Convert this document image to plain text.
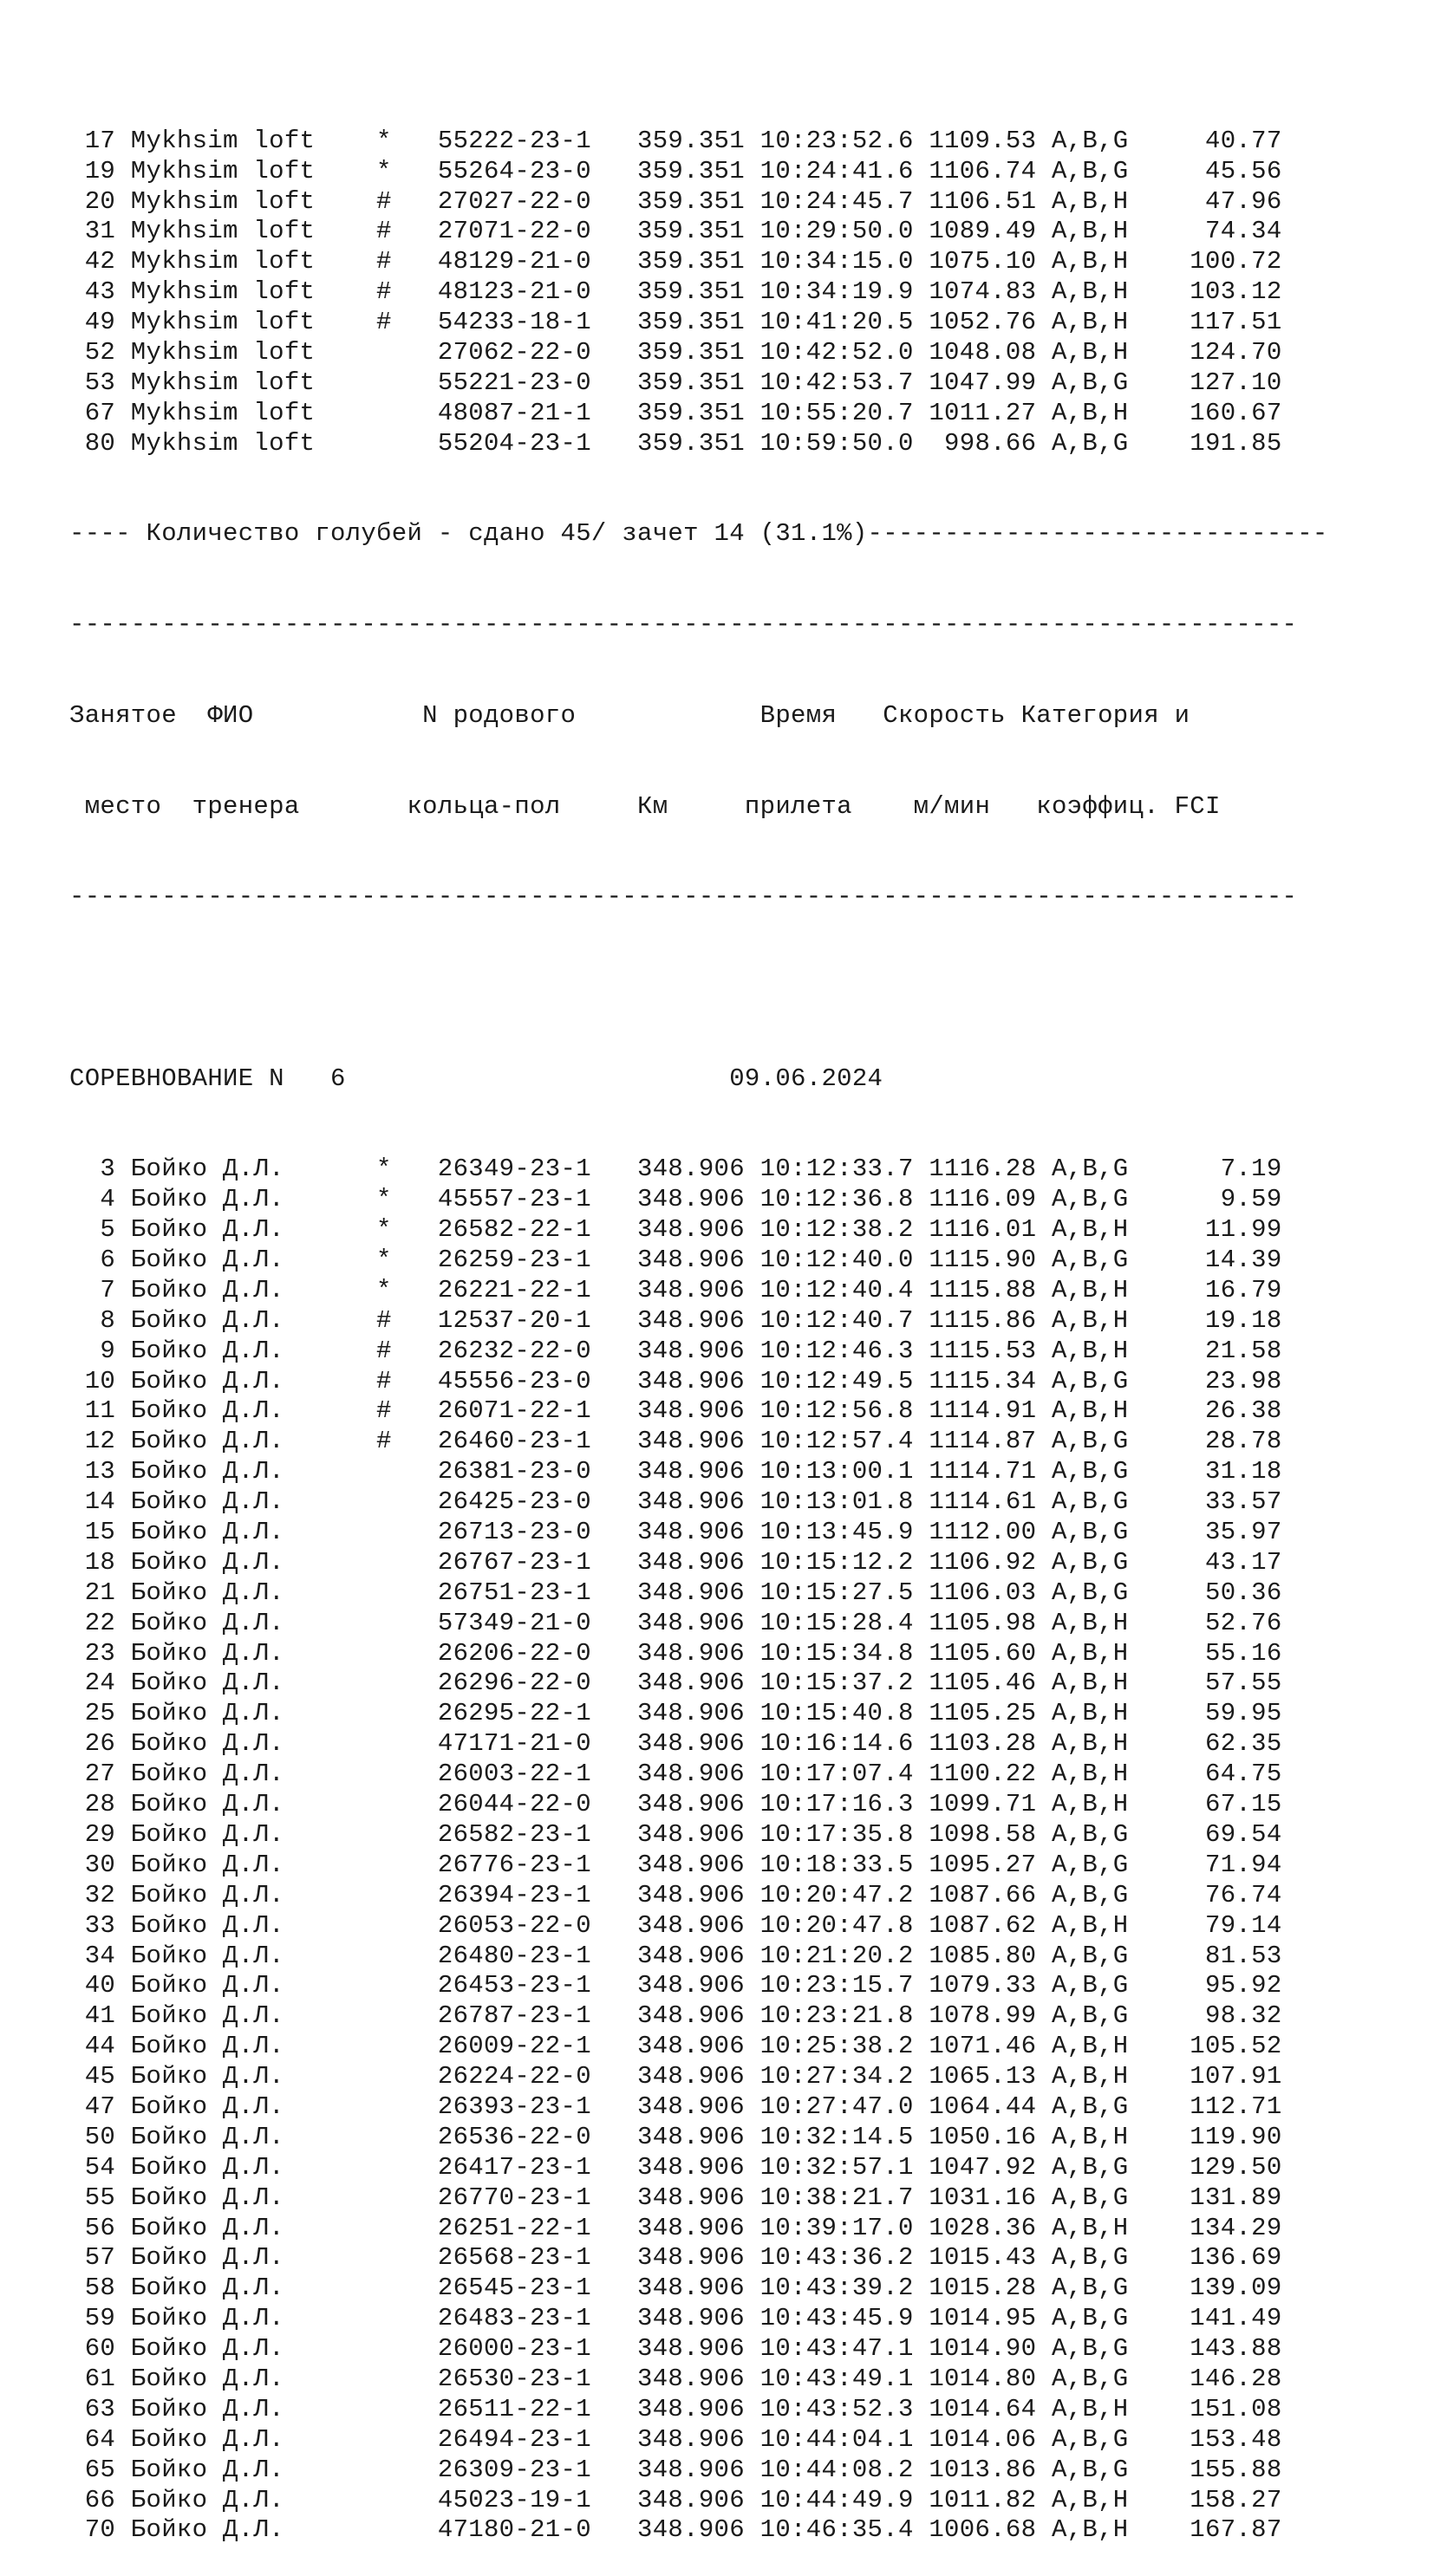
17 Mykhsim loft    *   55222-23-1   359.351 10:23:52.6 1109.53 A,B,G     40.77
19 Mykhsim loft    *   55264-23-0   359.351 10:24:41.6 1106.74 A,B,G     45.56
20 Mykhsim loft    #   27027-22-0   359.351 10:24:45.7 1106.51 A,B,H     47.96
31 Mykhsim loft    #   27071-22-0   359.351 10:29:50.0 1089.49 A,B,H     74.34
42 Mykhsim loft    #   48129-21-0   359.351 10:34:15.0 1075.10 A,B,H    100.72
43 Mykhsim loft    #   48123-21-0   359.351 10:34:19.9 1074.83 A,B,H    103.12
49 Mykhsim loft    #   54233-18-1   359.351 10:41:20.5 1052.76 A,B,H    117.51
52 Mykhsim loft        27062-22-0   359.351 10:42:52.0 1048.08 A,B,H    124.70
53 Mykhsim loft        55221-23-0   359.351 10:42:53.7 1047.99 A,B,G    127.10
67 Mykhsim loft        48087-21-1   359.351 10:55:20.7 1011.27 A,B,H    160.67
80 Mykhsim loft        55204-23-1   359.351 10:59:50.0  998.66 A,B,G    191.85

---- Количество голубей - сдано 45/ зачет 14 (31.1%)------------------------------

--------------------------------------------------------------------------------

Занятое  ФИО           N родового            Время   Скорость Категория и

место  тренера       кольца-пол     Км     прилета    м/мин   коэффиц. FCI

--------------------------------------------------------------------------------

СОРЕВНОВАНИЕ N   6                         09.06.2024

3 Бойко Д.Л.      *   26349-23-1   348.906 10:12:33.7 1116.28 A,B,G      7.19
4 Бойко Д.Л.      *   45557-23-1   348.906 10:12:36.8 1116.09 A,B,G      9.59
5 Бойко Д.Л.      *   26582-22-1   348.906 10:12:38.2 1116.01 A,B,H     11.99
6 Бойко Д.Л.      *   26259-23-1   348.906 10:12:40.0 1115.90 A,B,G     14.39
7 Бойко Д.Л.      *   26221-22-1   348.906 10:12:40.4 1115.88 A,B,H     16.79
8 Бойко Д.Л.      #   12537-20-1   348.906 10:12:40.7 1115.86 A,B,H     19.18
9 Бойко Д.Л.      #   26232-22-0   348.906 10:12:46.3 1115.53 A,B,H     21.58
10 Бойко Д.Л.      #   45556-23-0   348.906 10:12:49.5 1115.34 A,B,G     23.98
11 Бойко Д.Л.      #   26071-22-1   348.906 10:12:56.8 1114.91 A,B,H     26.38
12 Бойко Д.Л.      #   26460-23-1   348.906 10:12:57.4 1114.87 A,B,G     28.78
13 Бойко Д.Л.          26381-23-0   348.906 10:13:00.1 1114.71 A,B,G     31.18
14 Бойко Д.Л.          26425-23-0   348.906 10:13:01.8 1114.61 A,B,G     33.57
15 Бойко Д.Л.          26713-23-0   348.906 10:13:45.9 1112.00 A,B,G     35.97
18 Бойко Д.Л.          26767-23-1   348.906 10:15:12.2 1106.92 A,B,G     43.17
21 Бойко Д.Л.          26751-23-1   348.906 10:15:27.5 1106.03 A,B,G     50.36
22 Бойко Д.Л.          57349-21-0   348.906 10:15:28.4 1105.98 A,B,H     52.76
23 Бойко Д.Л.          26206-22-0   348.906 10:15:34.8 1105.60 A,B,H     55.16
24 Бойко Д.Л.          26296-22-0   348.906 10:15:37.2 1105.46 A,B,H     57.55
25 Бойко Д.Л.          26295-22-1   348.906 10:15:40.8 1105.25 A,B,H     59.95
26 Бойко Д.Л.          47171-21-0   348.906 10:16:14.6 1103.28 A,B,H     62.35
27 Бойко Д.Л.          26003-22-1   348.906 10:17:07.4 1100.22 A,B,H     64.75
28 Бойко Д.Л.          26044-22-0   348.906 10:17:16.3 1099.71 A,B,H     67.15
29 Бойко Д.Л.          26582-23-1   348.906 10:17:35.8 1098.58 A,B,G     69.54
30 Бойко Д.Л.          26776-23-1   348.906 10:18:33.5 1095.27 A,B,G     71.94
32 Бойко Д.Л.          26394-23-1   348.906 10:20:47.2 1087.66 A,B,G     76.74
33 Бойко Д.Л.          26053-22-0   348.906 10:20:47.8 1087.62 A,B,H     79.14
34 Бойко Д.Л.          26480-23-1   348.906 10:21:20.2 1085.80 A,B,G     81.53
40 Бойко Д.Л.          26453-23-1   348.906 10:23:15.7 1079.33 A,B,G     95.92
41 Бойко Д.Л.          26787-23-1   348.906 10:23:21.8 1078.99 A,B,G     98.32
44 Бойко Д.Л.          26009-22-1   348.906 10:25:38.2 1071.46 A,B,H    105.52
45 Бойко Д.Л.          26224-22-0   348.906 10:27:34.2 1065.13 A,B,H    107.91
47 Бойко Д.Л.          26393-23-1   348.906 10:27:47.0 1064.44 A,B,G    112.71
50 Бойко Д.Л.          26536-22-0   348.906 10:32:14.5 1050.16 A,B,H    119.90
54 Бойко Д.Л.          26417-23-1   348.906 10:32:57.1 1047.92 A,B,G    129.50
55 Бойко Д.Л.          26770-23-1   348.906 10:38:21.7 1031.16 A,B,G    131.89
56 Бойко Д.Л.          26251-22-1   348.906 10:39:17.0 1028.36 A,B,H    134.29
57 Бойко Д.Л.          26568-23-1   348.906 10:43:36.2 1015.43 A,B,G    136.69
58 Бойко Д.Л.          26545-23-1   348.906 10:43:39.2 1015.28 A,B,G    139.09
59 Бойко Д.Л.          26483-23-1   348.906 10:43:45.9 1014.95 A,B,G    141.49
60 Бойко Д.Л.          26000-23-1   348.906 10:43:47.1 1014.90 A,B,G    143.88
61 Бойко Д.Л.          26530-23-1   348.906 10:43:49.1 1014.80 A,B,G    146.28
63 Бойко Д.Л.          26511-22-1   348.906 10:43:52.3 1014.64 A,B,H    151.08
64 Бойко Д.Л.          26494-23-1   348.906 10:44:04.1 1014.06 A,B,G    153.48
65 Бойко Д.Л.          26309-23-1   348.906 10:44:08.2 1013.86 A,B,G    155.88
66 Бойко Д.Л.          45023-19-1   348.906 10:44:49.9 1011.82 A,B,H    158.27
70 Бойко Д.Л.          47180-21-0   348.906 10:46:35.4 1006.68 A,B,H    167.87
